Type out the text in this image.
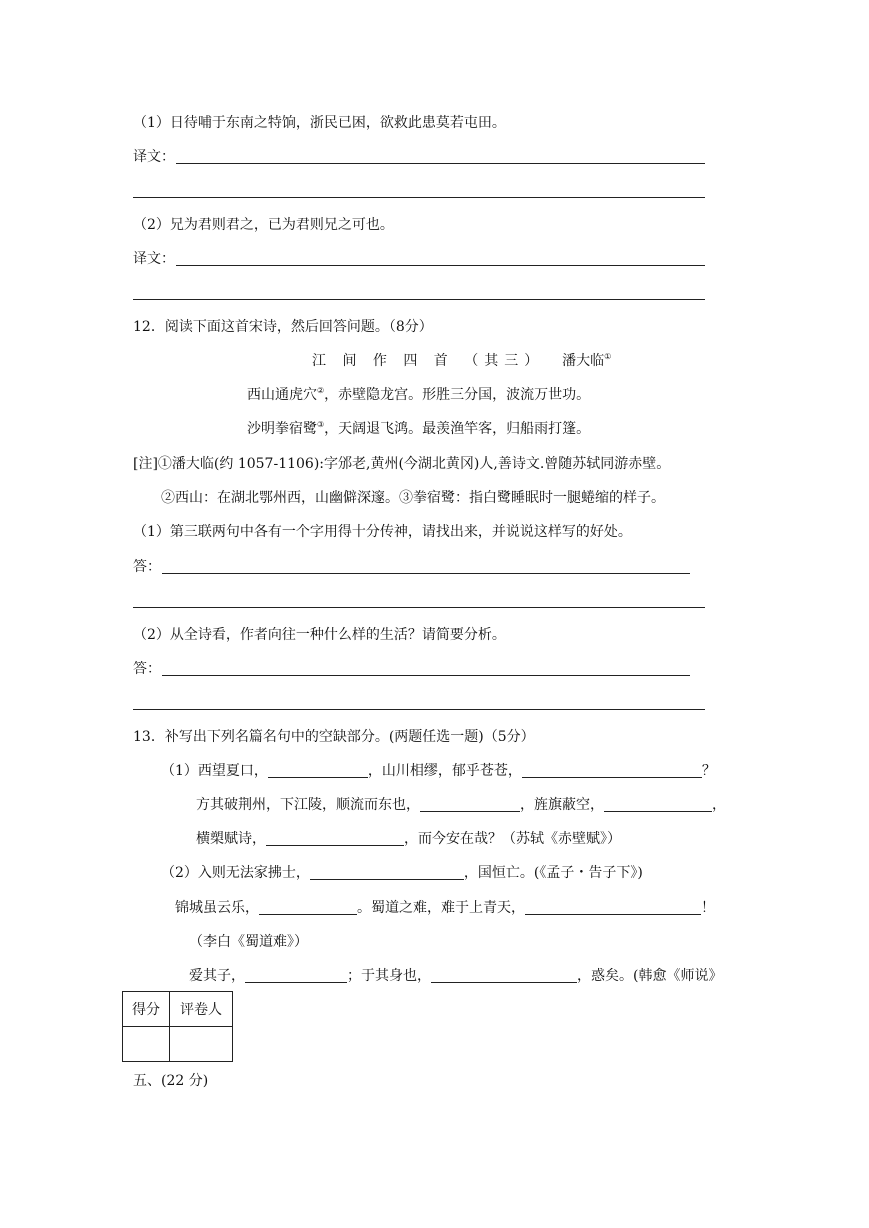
（1）日待哺于东南之特饷，浙民已困，欲救此患莫若屯田。
译文：
（2）兄为君则君之，已为君则兄之可也。
译文：
12．阅读下面这首宋诗，然后回答问题。（8分）
江 间 作 四 首 （其三） 潘大临①
西山通虎穴②，赤壁隐龙宫。形胜三分国，波流万世功。
沙明拳宿鹭③，天阔退飞鸿。最羡渔竿客，归船雨打篷。
[注]①潘大临(约 1057-1106):字邠老,黄州(今湖北黄冈)人,善诗文.曾随苏轼同游赤壁。
②西山：在湖北鄂州西，山幽僻深邃。③拳宿鹭：指白鹭睡眠时一腿蜷缩的样子。
（1）第三联两句中各有一个字用得十分传神，请找出来，并说说这样写的好处。
答：
（2）从全诗看，作者向往一种什么样的生活？请简要分析。
答：
13．补写出下列名篇名句中的空缺部分。(两题任选一题)（5分）
（1）西望夏口，	，山川相缪，郁乎苍苍，	？
方其破荆州，下江陵，顺流而东也，	，旌旗蔽空，	，
横槊赋诗，	，而今安在哉？（苏轼《赤壁赋》）
（2）入则无法家拂士，	，国恒亡。(《孟子・告子下》)
锦城虽云乐，	。蜀道之难，难于上青天，	！
（李白《蜀道难》）
爱其子，	；于其身也，	，惑矣。(韩愈《师说》
得分	评卷人

五、(22 分)
